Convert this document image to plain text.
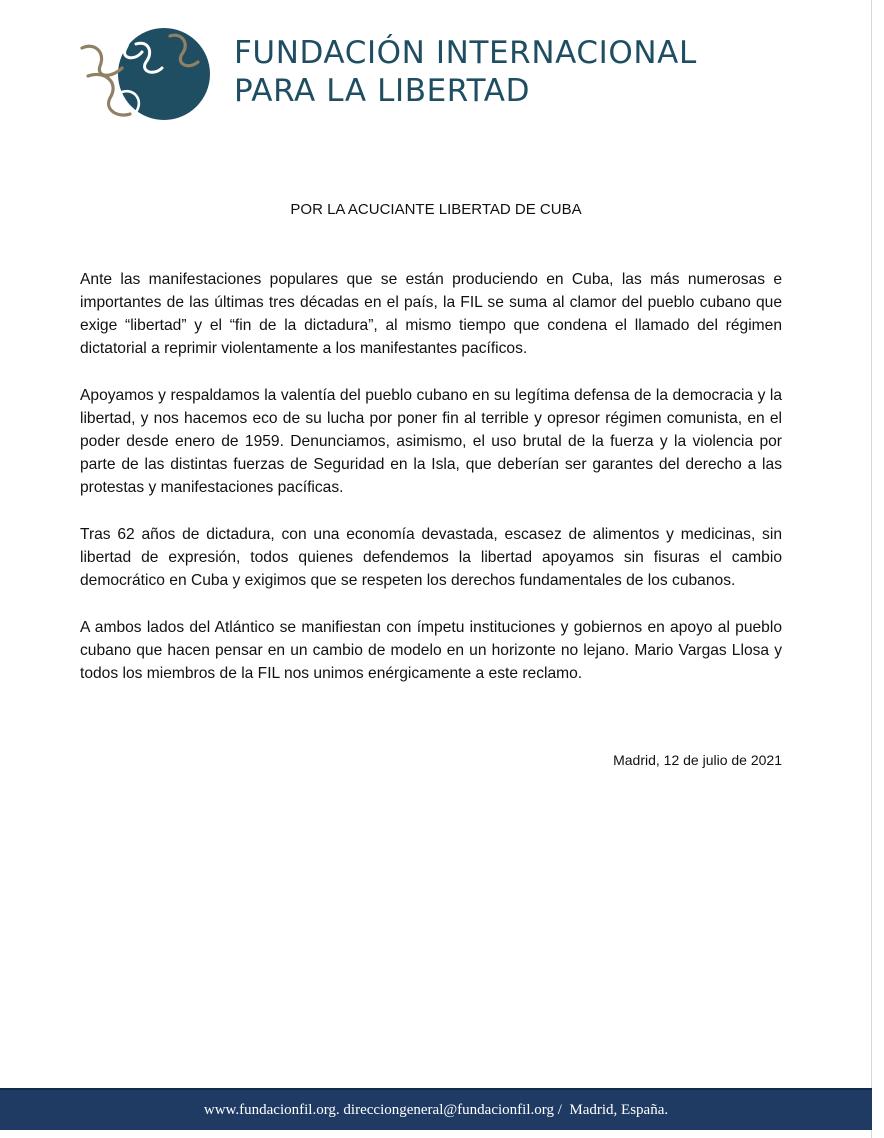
FUNDACIÓN INTERNACIONAL
PARA LA LIBERTAD
POR LA ACUCIANTE LIBERTAD DE CUBA

Ante las manifestaciones populares que se están produciendo en Cuba, las más numerosas e importantes de las últimas tres décadas en el país, la FIL se suma al clamor del pueblo cubano que exige “libertad” y el “fin de la dictadura”, al mismo tiempo que condena el llamado del régimen dictatorial a reprimir violentamente a los manifestantes pacíficos.

Apoyamos y respaldamos la valentía del pueblo cubano en su legítima defensa de la democracia y la libertad, y nos hacemos eco de su lucha por poner fin al terrible y opresor régimen comunista, en el poder desde enero de 1959. Denunciamos, asimismo, el uso brutal de la fuerza y la violencia por parte de las distintas fuerzas de Seguridad en la Isla, que deberían ser garantes del derecho a las protestas y manifestaciones pacíficas.

Tras 62 años de dictadura, con una economía devastada, escasez de alimentos y medicinas, sin libertad de expresión, todos quienes defendemos la libertad apoyamos sin fisuras el cambio democrático en Cuba y exigimos que se respeten los derechos fundamentales de los cubanos.

A ambos lados del Atlántico se manifiestan con ímpetu instituciones y gobiernos en apoyo al pueblo cubano que hacen pensar en un cambio de modelo en un horizonte no lejano. Mario Vargas Llosa y todos los miembros de la FIL nos unimos enérgicamente a este reclamo.

Madrid, 12 de julio de 2021
www.fundacionfil.org. direcciongeneral@fundacionfil.org /  Madrid, España.
